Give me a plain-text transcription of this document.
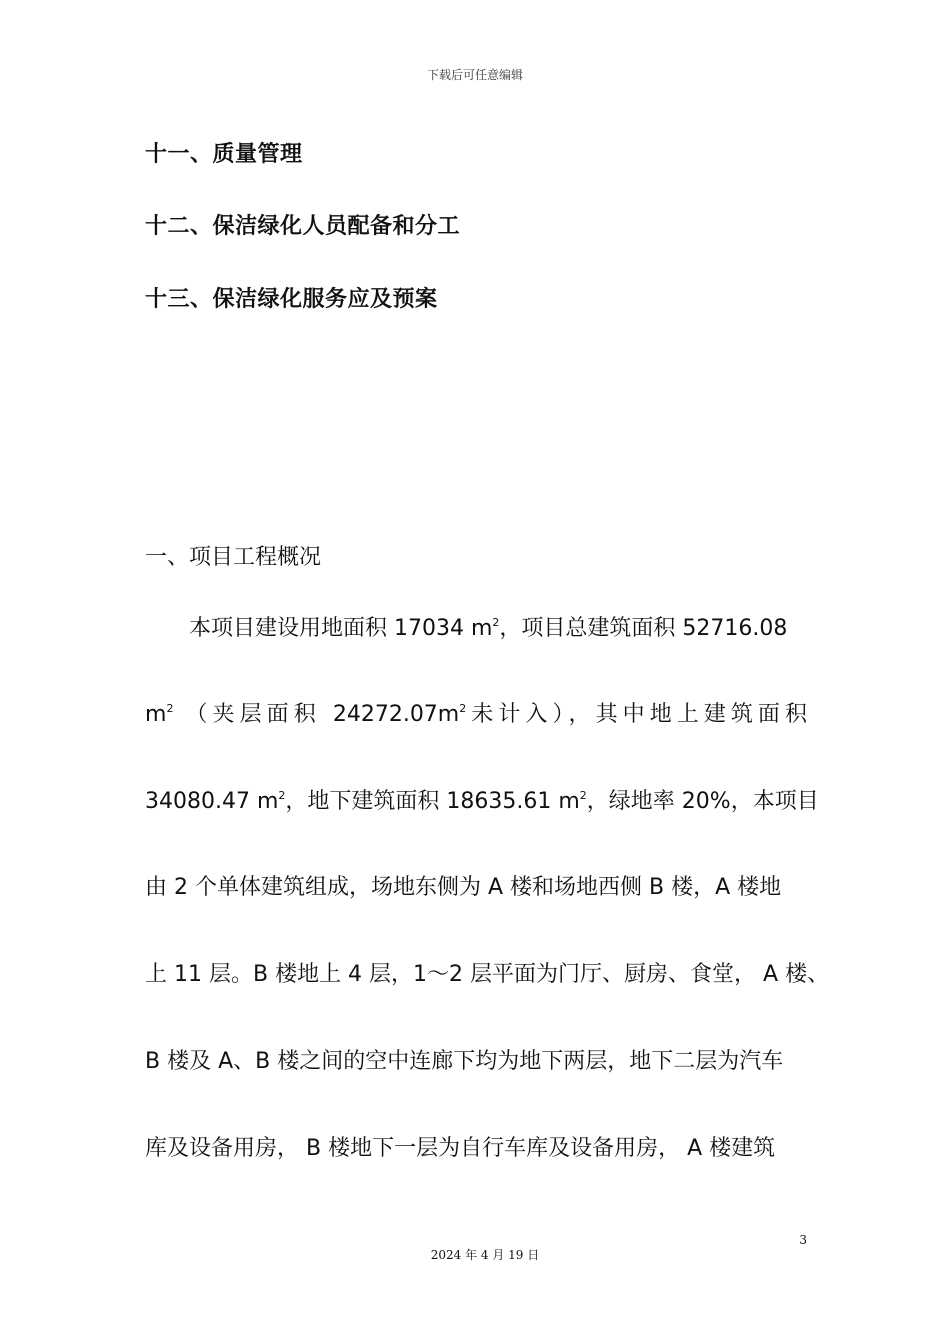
下载后可任意编辑
十一、质量管理
十二、保洁绿化人员配备和分工
十三、保洁绿化服务应及预案
一、项目工程概况
本项目建设用地面积 17034 $m^2$，项目总建筑面积 52716.08
$m^2$ （夹层面积 $24272.07m^2$未计入），其中地上建筑面积
34080.47 $m^2$，地下建筑面积 18635.61 $m^2$，绿地率 20%，本项目
由 2 个单体建筑组成，场地东侧为 A 楼和场地西侧 B 楼，A 楼地
上 11 层。B 楼地上 4 层，1～2 层平面为门厅、厨房、食堂， A 楼、
B 楼及 A、B 楼之间的空中连廊下均为地下两层，地下二层为汽车
库及设备用房， B 楼地下一层为自行车库及设备用房， A 楼建筑
3
2024 年 4 月 19 日
